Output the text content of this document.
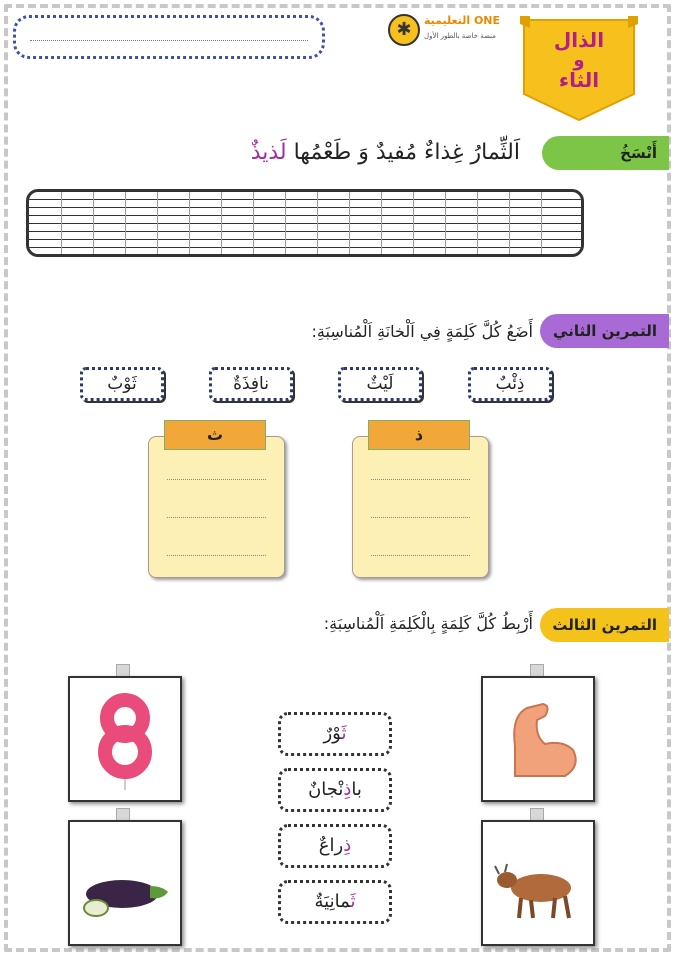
✱	التعليمية ONE
منصة خاصة بالطور الأول	الذال
و
الثاء
أَنْسَخُ
اَلثِّمارُ غِذاءٌ مُفيدٌ وَ طَعْمُها لَذيذٌ
التمرين الثاني
أَضَعُ كُلَّ كَلِمَةٍ فِي اَلْخانَةِ اَلْمُناسِبَةِ:
ذِئْبٌ
لَيْثٌ
نافِذَةٌ
ثَوْبٌ
ذ
ث
التمرين الثالث
أَرْبِطُ كُلَّ كَلِمَةٍ بِالْكَلِمَةِ اَلْمُناسِبَةِ:
ثَوْرٌ
باذِنْجانٌ
ذِراعٌ
ثَمانِيَةٌ
